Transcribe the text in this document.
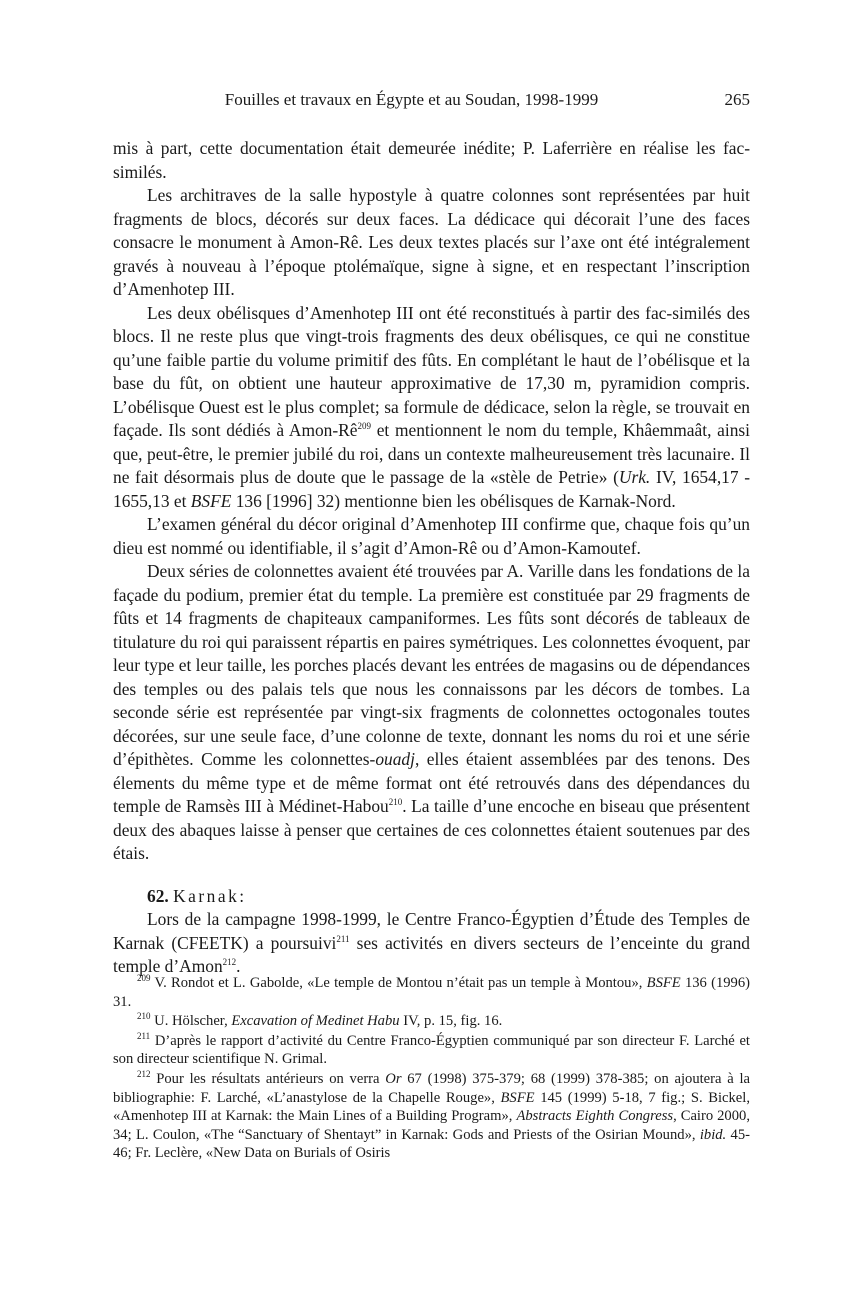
Fouilles et travaux en Égypte et au Soudan, 1998-1999	265

mis à part, cette documentation était demeurée inédite; P. Laferrière en réalise les fac-similés.

Les architraves de la salle hypostyle à quatre colonnes sont représentées par huit fragments de blocs, décorés sur deux faces. La dédicace qui décorait l’une des faces consacre le monument à Amon-Rê. Les deux textes placés sur l’axe ont été intégralement gravés à nouveau à l’époque ptolémaïque, signe à signe, et en respectant l’inscription d’Amenhotep III.

Les deux obélisques d’Amenhotep III ont été reconstitués à partir des fac-similés des blocs. Il ne reste plus que vingt-trois fragments des deux obélisques, ce qui ne constitue qu’une faible partie du volume primitif des fûts. En complétant le haut de l’obélisque et la base du fût, on obtient une hauteur approximative de 17,30 m, pyramidion compris. L’obélisque Ouest est le plus complet; sa formule de dédicace, selon la règle, se trouvait en façade. Ils sont dédiés à Amon-$Rê^{209}$ et mentionnent le nom du temple, Khâemmaât, ainsi que, peut-être, le premier jubilé du roi, dans un contexte malheureusement très lacunaire. Il ne fait désormais plus de doute que le passage de la «stèle de Petrie» (Urk. IV, 1654,17 - 1655,13 et BSFE 136 [1996] 32) mentionne bien les obélisques de Karnak-Nord.

L’examen général du décor original d’Amenhotep III confirme que, chaque fois qu’un dieu est nommé ou identifiable, il s’agit d’Amon-Rê ou d’Amon-Kamoutef.

Deux séries de colonnettes avaient été trouvées par A. Varille dans les fondations de la façade du podium, premier état du temple. La première est constituée par 29 fragments de fûts et 14 fragments de chapiteaux campaniformes. Les fûts sont décorés de tableaux de titulature du roi qui paraissent répartis en paires symétriques. Les colonnettes évoquent, par leur type et leur taille, les porches placés devant les entrées de magasins ou de dépendances des temples ou des palais tels que nous les connaissons par les décors de tombes. La seconde série est représentée par vingt-six fragments de colonnettes octogonales toutes décorées, sur une seule face, d’une colonne de texte, donnant les noms du roi et une série d’épithètes. Comme les colonnettes-ouadj, elles étaient assemblées par des tenons. Des élements du même type et de même format ont été retrouvés dans des dépendances du temple de Ramsès III à Médinet-Habou$^{210}$. La taille d’une encoche en biseau que présentent deux des abaques laisse à penser que certaines de ces colonnettes étaient soutenues par des étais.

62. Karnak:

Lors de la campagne 1998-1999, le Centre Franco-Égyptien d’Étude des Temples de Karnak (CFEETK) a poursuivi$^{211}$ ses activités en divers secteurs de l’enceinte du grand temple d’Amon$^{212}$.

$^{209}$ V. Rondot et L. Gabolde, «Le temple de Montou n’était pas un temple à Montou», BSFE 136 (1996) 31.

$^{210}$ U. Hölscher, Excavation of Medinet Habu IV, p. 15, fig. 16.

$^{211}$ D’après le rapport d’activité du Centre Franco-Égyptien communiqué par son directeur F. Larché et son directeur scientifique N. Grimal.

$^{212}$ Pour les résultats antérieurs on verra Or 67 (1998) 375-379; 68 (1999) 378-385; on ajoutera à la bibliographie: F. Larché, «L’anastylose de la Chapelle Rouge», BSFE 145 (1999) 5-18, 7 fig.; S. Bickel, «Amenhotep III at Karnak: the Main Lines of a Building Program», Abstracts Eighth Congress, Cairo 2000, 34; L. Coulon, «The “Sanctuary of Shentayt” in Karnak: Gods and Priests of the Osirian Mound», ibid. 45-46; Fr. Leclère, «New Data on Burials of Osiris
